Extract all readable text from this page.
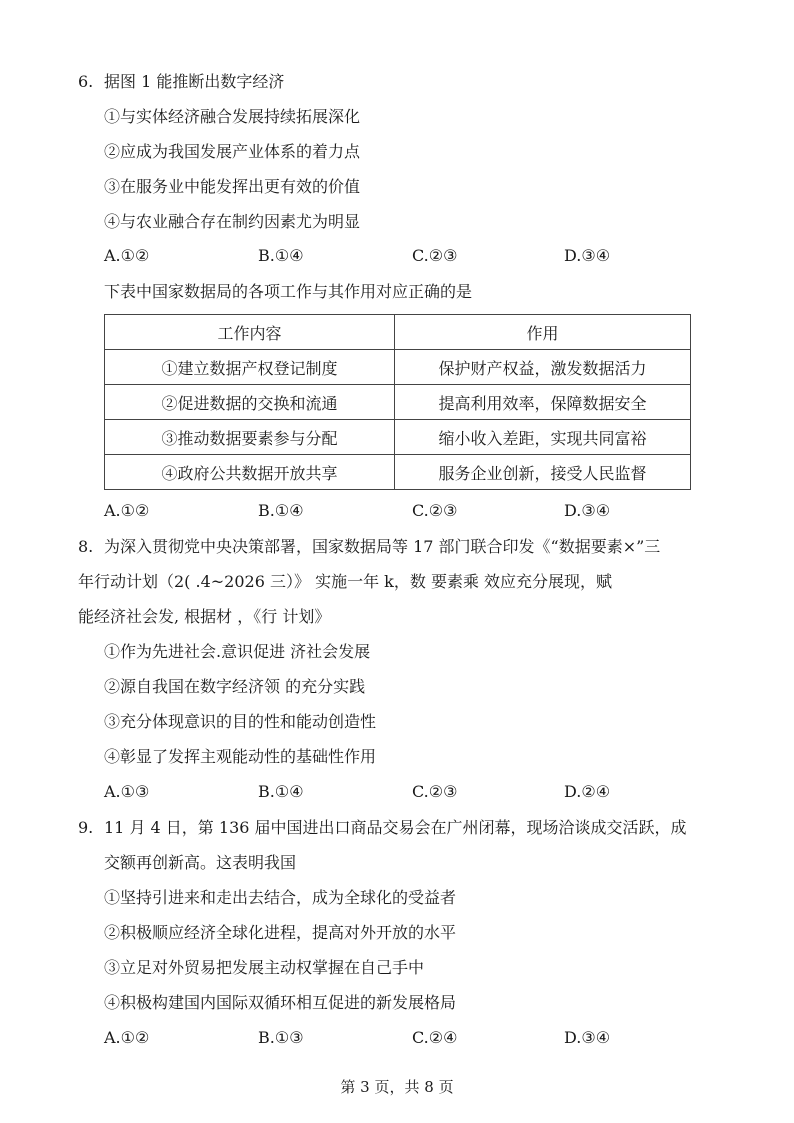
6. 据图 1 能推断出数字经济
①与实体经济融合发展持续拓展深化
②应成为我国发展产业体系的着力点
③在服务业中能发挥出更有效的价值
④与农业融合存在制约因素尤为明显
A.①②	B.①④	C.②③	D.③④
下表中国家数据局的各项工作与其作用对应正确的是
工作内容	作用
①建立数据产权登记制度	保护财产权益，激发数据活力
②促进数据的交换和流通	提高利用效率，保障数据安全
③推动数据要素参与分配	缩小收入差距，实现共同富裕
④政府公共数据开放共享	服务企业创新，接受人民监督
A.①②	B.①④	C.②③	D.③④
8. 为深入贯彻党中央决策部署，国家数据局等 17 部门联合印发《“数据要素×”三
年行动计划（2( .4~2026 三）》 实施一年 k，数 要素乘 效应充分展现，赋
能经济社会发, 根据材 ，《行 计划》
①作为先进社会.意识促进 济社会发展
②源自我国在数字经济领 的充分实践
③充分体现意识的目的性和能动创造性
④彰显了发挥主观能动性的基础性作用
A.①③	B.①④	C.②③	D.②④
9. 11 月 4 日，第 136 届中国进出口商品交易会在广州闭幕，现场洽谈成交活跃，成
交额再创新高。这表明我国
①坚持引进来和走出去结合，成为全球化的受益者
②积极顺应经济全球化进程，提高对外开放的水平
③立足对外贸易把发展主动权掌握在自己手中
④积极构建国内国际双循环相互促进的新发展格局
A.①②	B.①③	C.②④	D.③④
第 3 页，共 8 页
